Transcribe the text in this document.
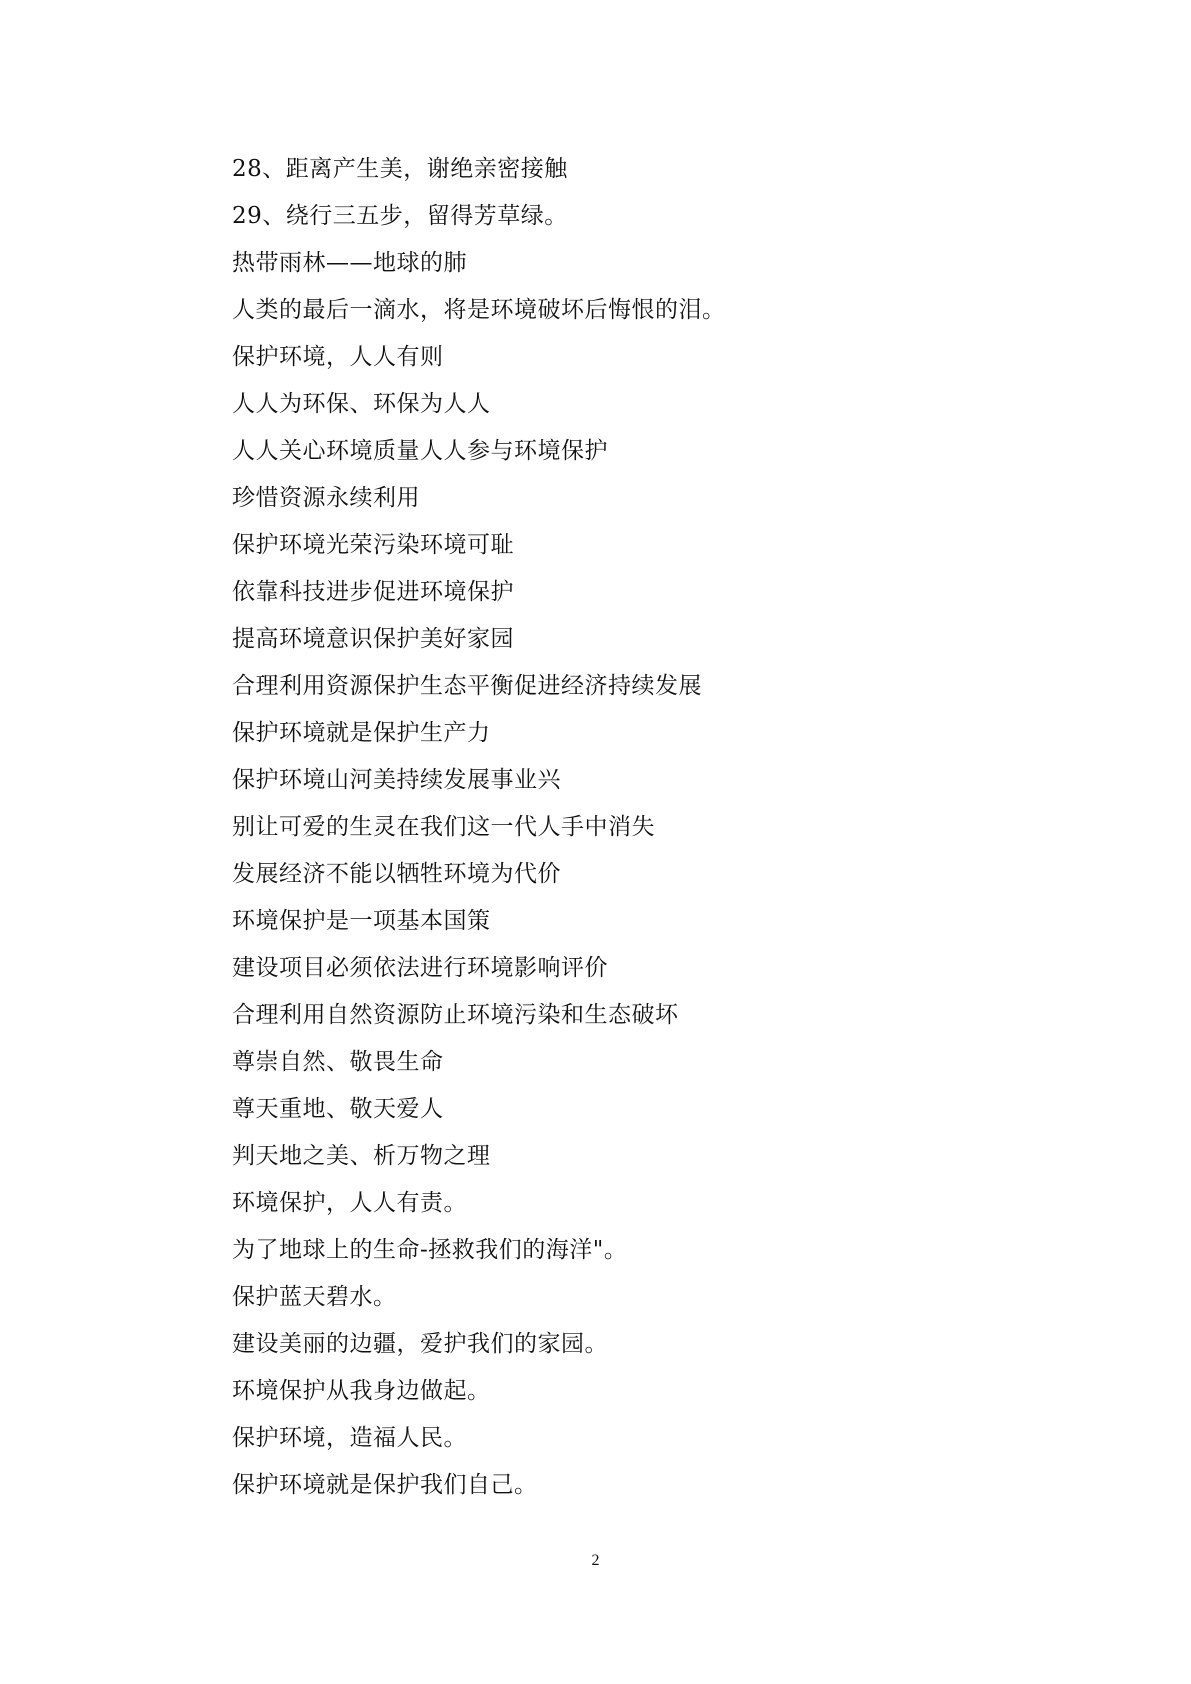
28、距离产生美，谢绝亲密接触
29、绕行三五步，留得芳草绿。
热带雨林——地球的肺
人类的最后一滴水，将是环境破坏后悔恨的泪。
保护环境，人人有则
人人为环保、环保为人人
人人关心环境质量人人参与环境保护
珍惜资源永续利用
保护环境光荣污染环境可耻
依靠科技进步促进环境保护
提高环境意识保护美好家园
合理利用资源保护生态平衡促进经济持续发展
保护环境就是保护生产力
保护环境山河美持续发展事业兴
别让可爱的生灵在我们这一代人手中消失
发展经济不能以牺牲环境为代价
环境保护是一项基本国策
建设项目必须依法进行环境影响评价
合理利用自然资源防止环境污染和生态破坏
尊崇自然、敬畏生命
尊天重地、敬天爱人
判天地之美、析万物之理
环境保护，人人有责。
为了地球上的生命-拯救我们的海洋"。
保护蓝天碧水。
建设美丽的边疆，爱护我们的家园。
环境保护从我身边做起。
保护环境，造福人民。
保护环境就是保护我们自己。
2
